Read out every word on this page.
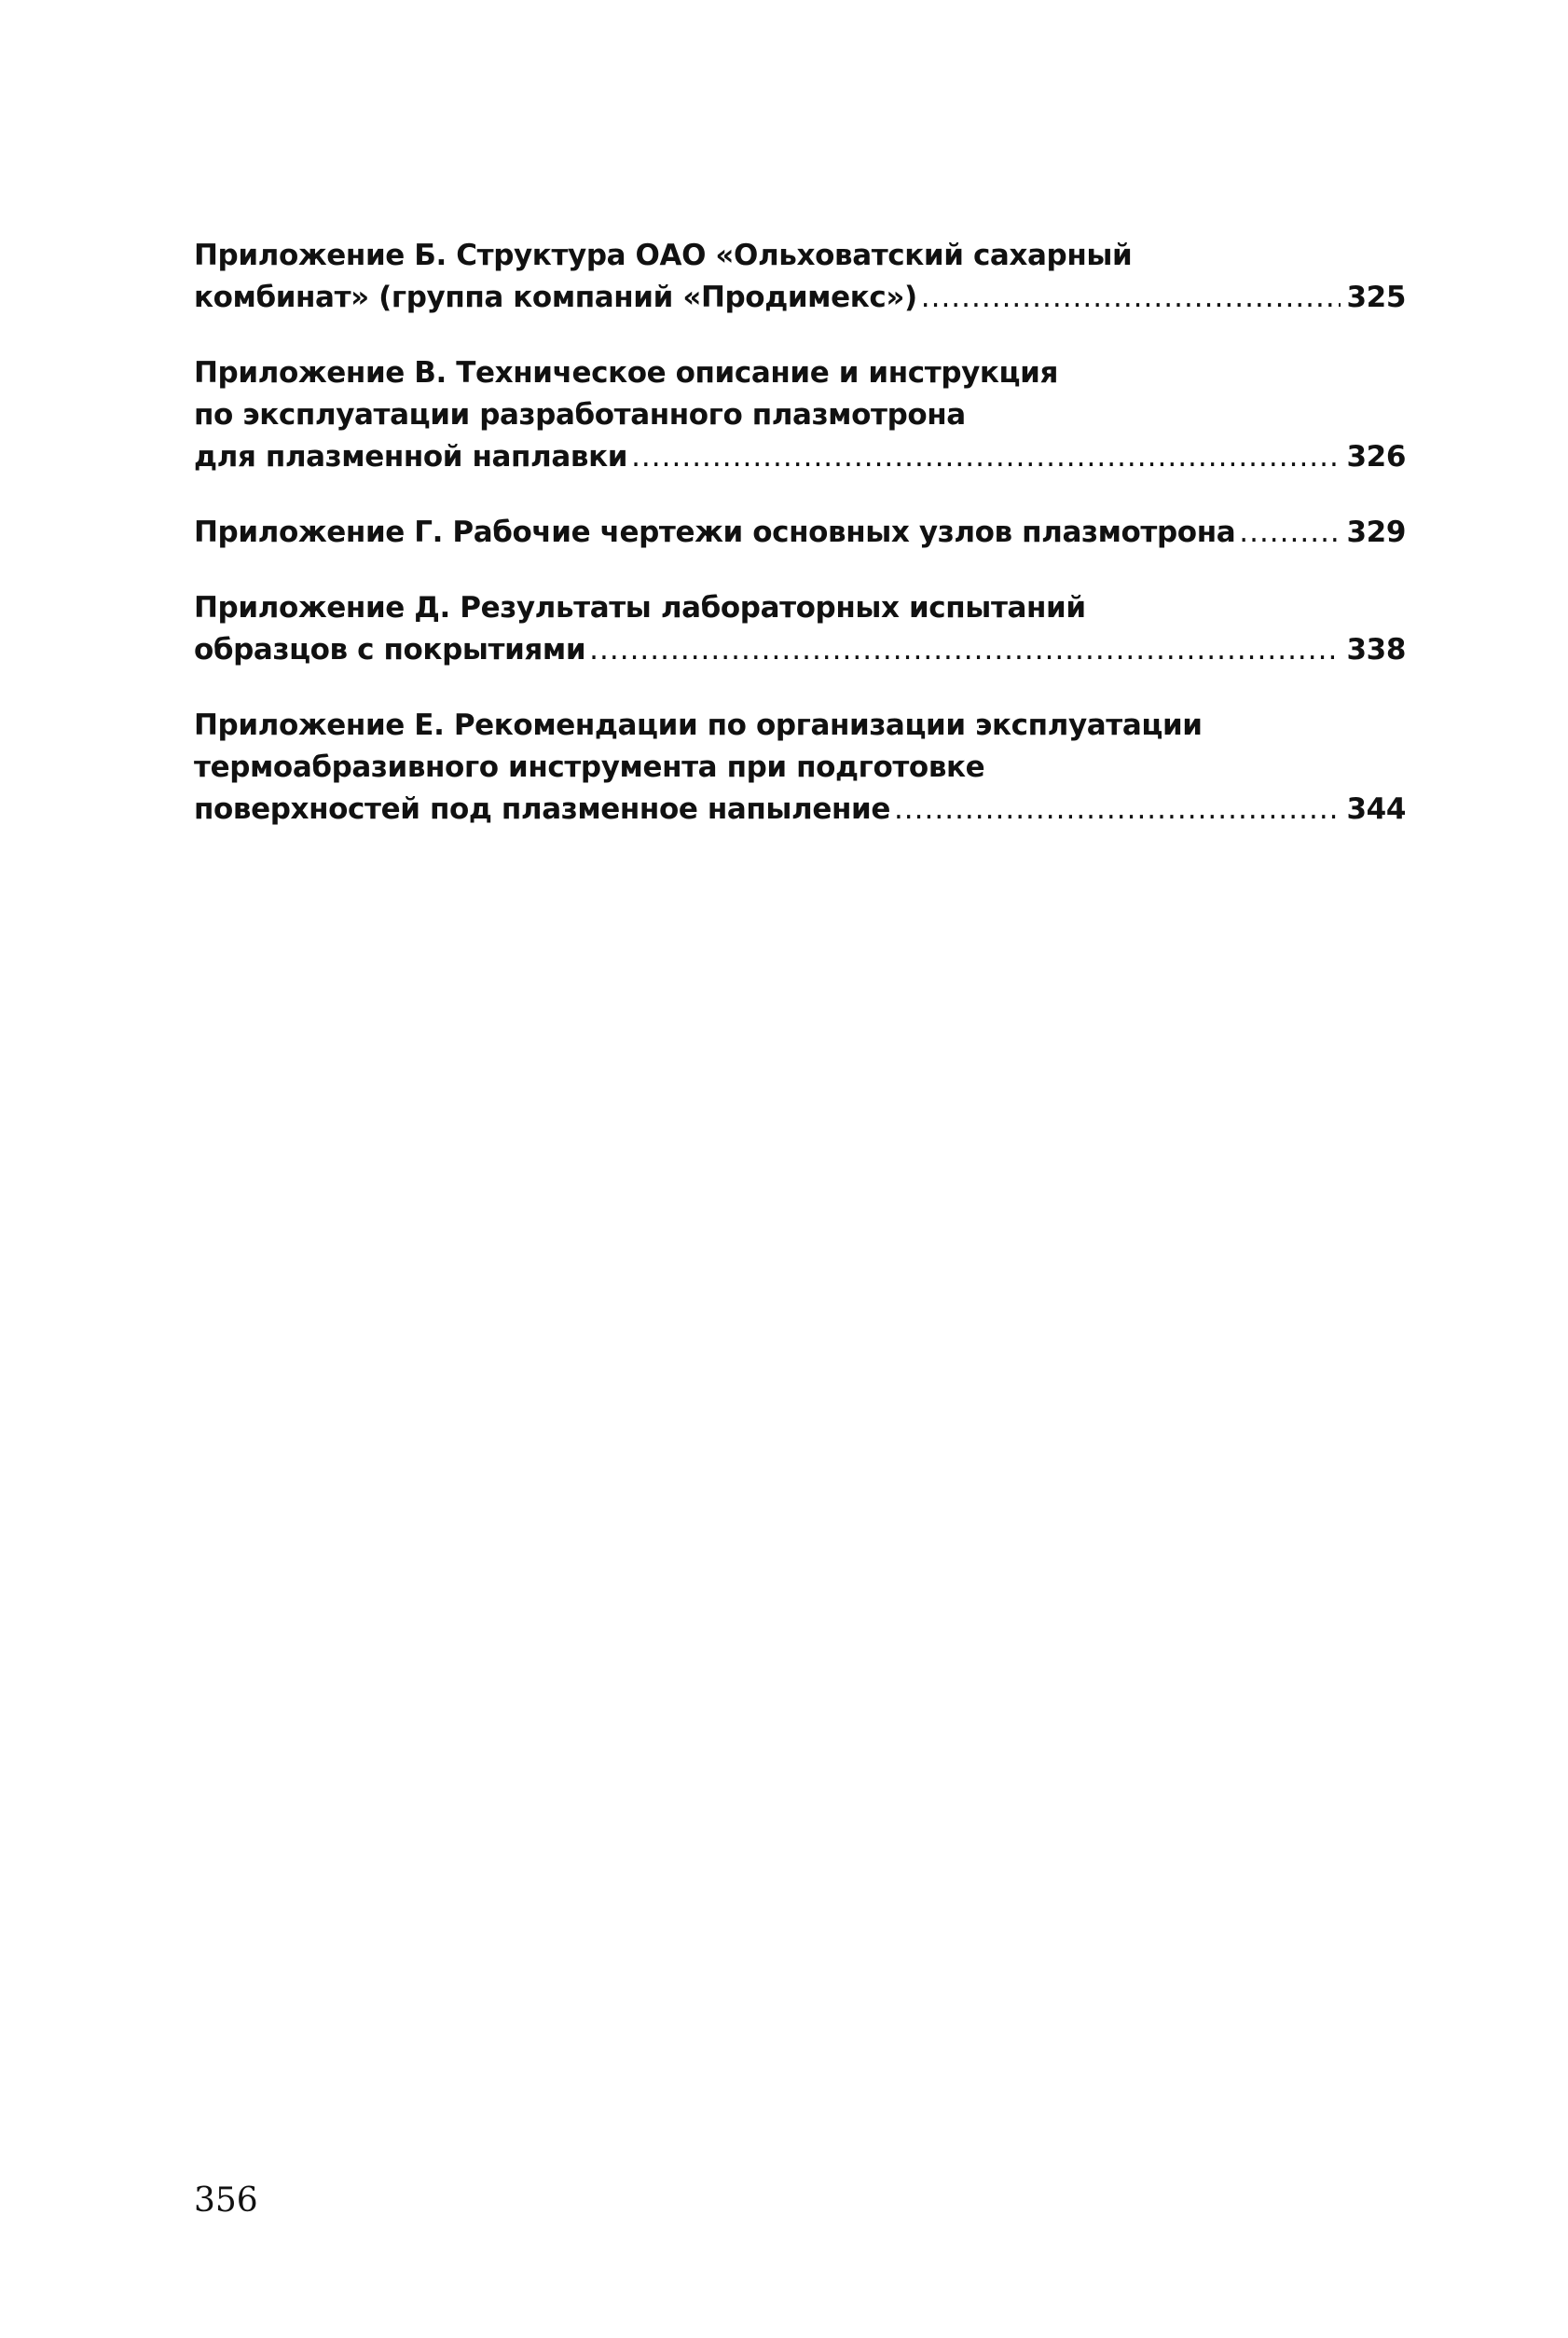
Приложение Б. Структура ОАО «Ольховатский сахарный
комбинат» (группа компаний «Продимекс») .....	325
Приложение В. Техническое описание и инструкция
по эксплуатации разработанного плазмотрона
для плазменной наплавки .....	326
Приложение Г. Рабочие чертежи основных узлов плазмотрона .....	329
Приложение Д. Результаты лабораторных испытаний
образцов с покрытиями .....	338
Приложение Е. Рекомендации по организации эксплуатации
термоабразивного инструмента при подготовке
поверхностей под плазменное напыление .....	344
356
